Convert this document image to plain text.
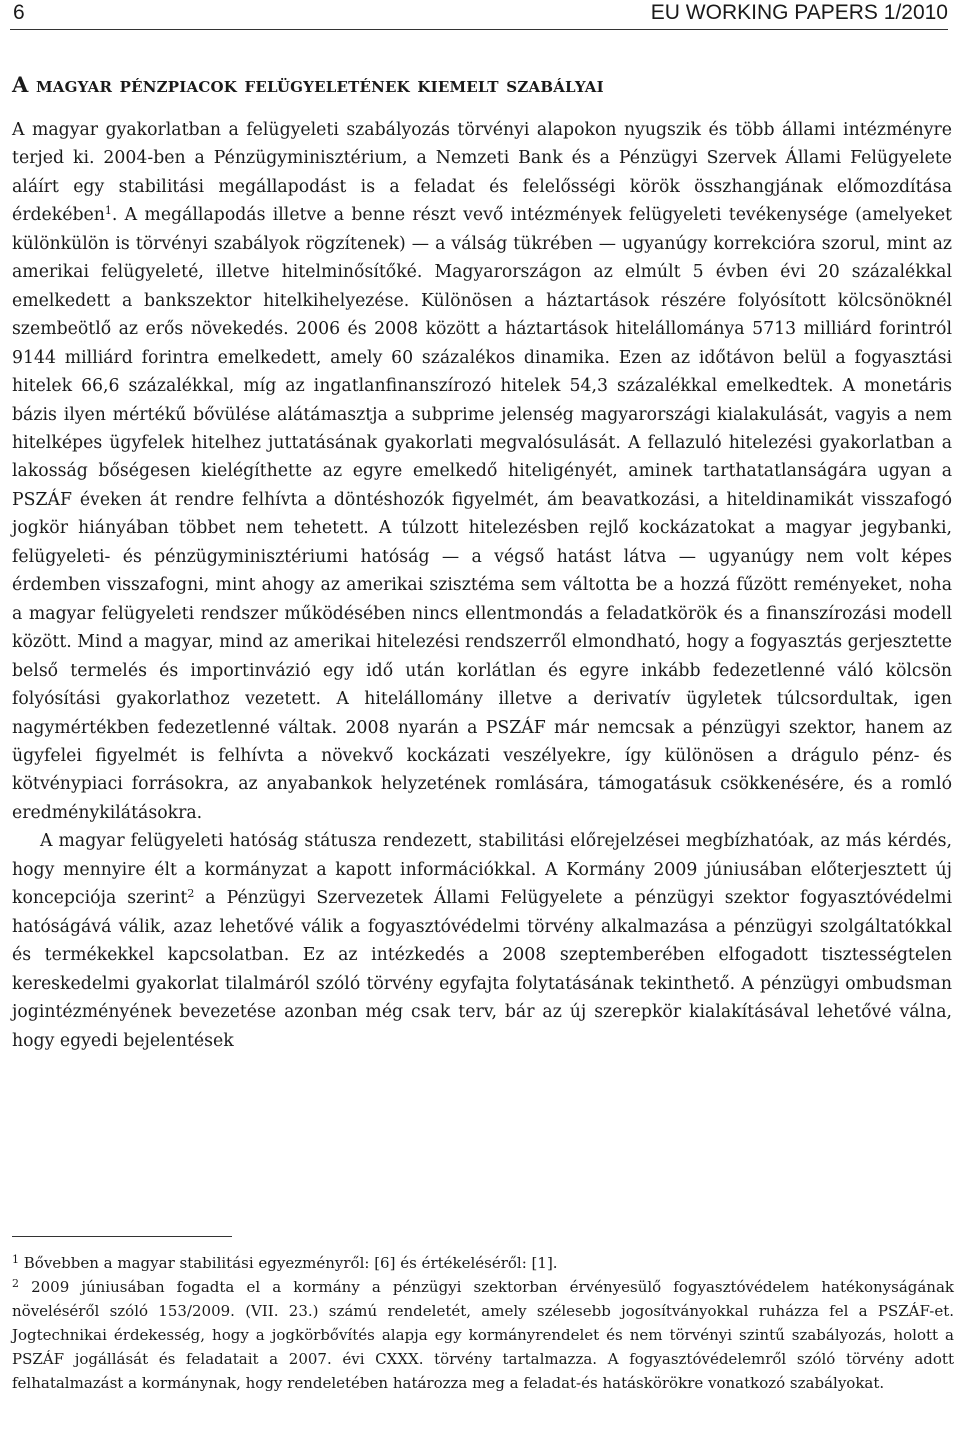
6	EU WORKING PAPERS 1/2010
A magyar pénzpiacok felügyeletének kiemelt szabályai

A magyar gyakorlatban a felügyeleti szabályozás törvényi alapokon nyugszik és több állami intézményre terjed ki. 2004-ben a Pénzügyminisztérium, a Nemzeti Bank és a Pénzügyi Szervek Állami Felügyelete aláírt egy stabilitási megállapodást is a feladat és felelősségi körök összhangjának előmozdítása érdekében$^1$. A megállapodás illetve a benne részt vevő intézmények felügyeleti tevékenysége (amelyeket különkülön is törvényi szabályok rögzítenek) — a válság tükrében — ugyanúgy korrekcióra szorul, mint az amerikai felügyeleté, illetve hitelminősítőké. Magyarországon az elmúlt 5 évben évi 20 százalékkal emelkedett a bankszektor hitelkihelyezése. Különösen a háztartások részére folyósított kölcsönöknél szembeötlő az erős növekedés. 2006 és 2008 között a háztartások hitelállománya 5713 milliárd forintról 9144 milliárd forintra emelkedett, amely 60 százalékos dinamika. Ezen az időtávon belül a fogyasztási hitelek 66,6 százalékkal, míg az ingatlanfinanszírozó hitelek 54,3 százalékkal emelkedtek. A monetáris bázis ilyen mértékű bővülése alátámasztja a subprime jelenség magyarországi kialakulását, vagyis a nem hitelképes ügyfelek hitelhez juttatásának gyakorlati megvalósulását. A fellazuló hitelezési gyakorlatban a lakosság bőségesen kielégíthette az egyre emelkedő hiteligényét, aminek tarthatatlanságára ugyan a PSZÁF éveken át rendre felhívta a döntéshozók figyelmét, ám beavatkozási, a hiteldinamikát visszafogó jogkör hiányában többet nem tehetett. A túlzott hitelezésben rejlő kockázatokat a magyar jegybanki, felügyeleti- és pénzügyminisztériumi hatóság — a végső hatást látva — ugyanúgy nem volt képes érdemben visszafogni, mint ahogy az amerikai szisztéma sem váltotta be a hozzá fűzött reményeket, noha a magyar felügyeleti rendszer működésében nincs ellentmondás a feladatkörök és a finanszírozási modell között. Mind a magyar, mind az amerikai hitelezési rendszerről elmondható, hogy a fogyasztás gerjesztette belső termelés és importinvázió egy idő után korlátlan és egyre inkább fedezetlenné váló kölcsön folyósítási gyakorlathoz vezetett. A hitelállomány illetve a derivatív ügyletek túlcsordultak, igen nagymértékben fedezetlenné váltak. 2008 nyarán a PSZÁF már nemcsak a pénzügyi szektor, hanem az ügyfelei figyelmét is felhívta a növekvő kockázati veszélyekre, így különösen a drágulo pénz- és kötvénypiaci forrásokra, az anyabankok helyzetének romlására, támogatásuk csökkenésére, és a romló eredménykilátásokra.

A magyar felügyeleti hatóság státusza rendezett, stabilitási előrejelzései megbízhatóak, az más kérdés, hogy mennyire élt a kormányzat a kapott információkkal. A Kormány 2009 júniusában előterjesztett új koncepciója szerint$^2$ a Pénzügyi Szervezetek Állami Felügyelete a pénzügyi szektor fogyasztóvédelmi hatóságává válik, azaz lehetővé válik a fogyasztóvédelmi törvény alkalmazása a pénzügyi szolgáltatókkal és termékekkel kapcsolatban. Ez az intézkedés a 2008 szeptemberében elfogadott tisztességtelen kereskedelmi gyakorlat tilalmáról szóló törvény egyfajta folytatásának tekinthető. A pénzügyi ombudsman jogintézményének bevezetése azonban még csak terv, bár az új szerepkör kialakításával lehetővé válna, hogy egyedi bejelentések

$^1$ Bővebben a magyar stabilitási egyezményről: [6] és értékeléséről: [1].

$^2$ 2009 júniusában fogadta el a kormány a pénzügyi szektorban érvényesülő fogyasztóvédelem hatékonyságának növeléséről szóló 153/2009. (VII. 23.) számú rendeletét, amely szélesebb jogosítványokkal ruházza fel a PSZÁF-et. Jogtechnikai érdekesség, hogy a jogkörbővítés alapja egy kormányrendelet és nem törvényi szintű szabályozás, holott a PSZÁF jogállását és feladatait a 2007. évi CXXX. törvény tartalmazza. A fogyasztóvédelemről szóló törvény adott felhatalmazást a kormánynak, hogy rendeletében határozza meg a feladat-és hatáskörökre vonatkozó szabályokat.
